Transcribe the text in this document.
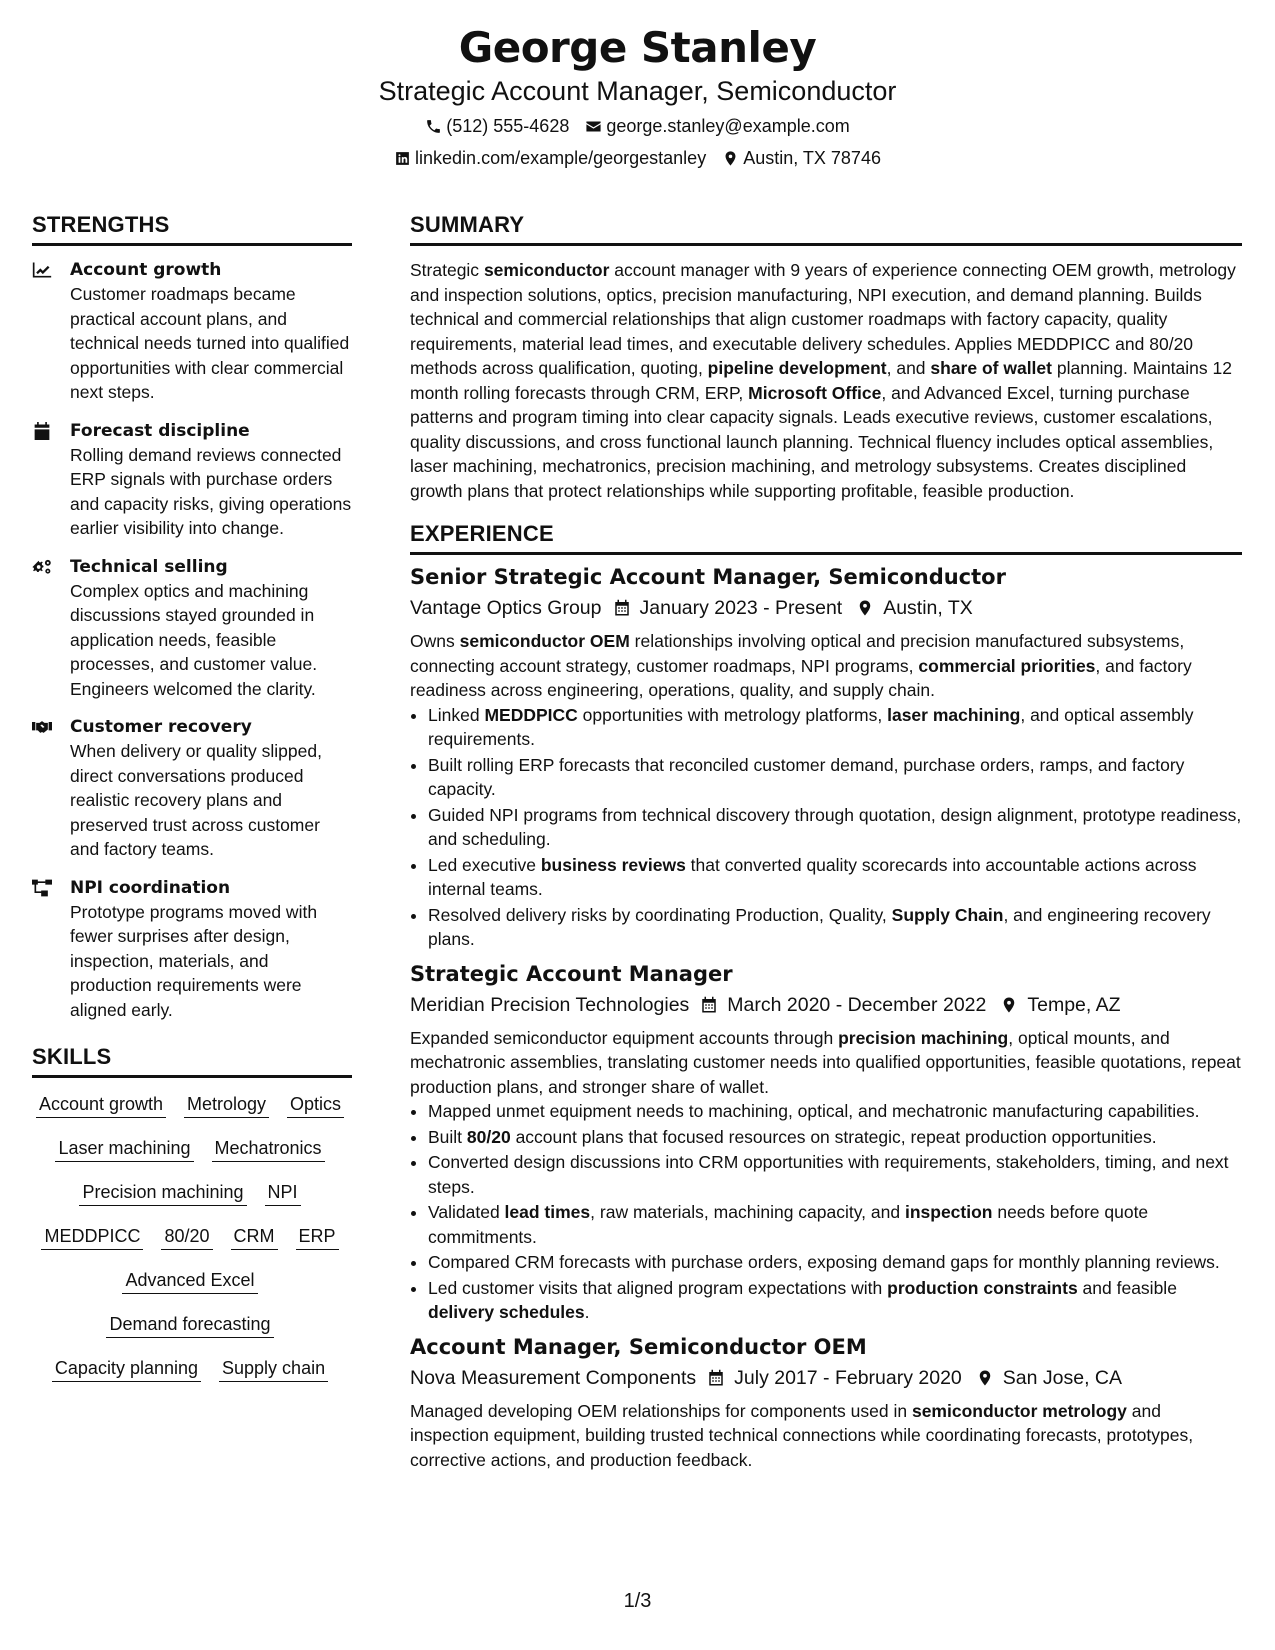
George Stanley
Strategic Account Manager, Semiconductor
(512) 555-4628 george.stanley@example.com
linkedin.com/example/georgestanley Austin, TX 78746
STRENGTHS
Account growth
Customer roadmaps became practical account plans, and technical needs turned into qualified opportunities with clear commercial next steps.
Forecast discipline
Rolling demand reviews connected ERP signals with purchase orders and capacity risks, giving operations earlier visibility into change.
Technical selling
Complex optics and machining discussions stayed grounded in application needs, feasible processes, and customer value. Engineers welcomed the clarity.
Customer recovery
When delivery or quality slipped, direct conversations produced realistic recovery plans and preserved trust across customer and factory teams.
NPI coordination
Prototype programs moved with fewer surprises after design, inspection, materials, and production requirements were aligned early.
SKILLS
Account growth Metrology Optics
Laser machining Mechatronics
Precision machining NPI
MEDDPICC 80/20 CRM ERP
Advanced Excel
Demand forecasting
Capacity planning Supply chain
SUMMARY

Strategic semiconductor account manager with 9 years of experience connecting OEM growth, metrology and inspection solutions, optics, precision manufacturing, NPI execution, and demand planning. Builds technical and commercial relationships that align customer roadmaps with factory capacity, quality requirements, material lead times, and executable delivery schedules. Applies MEDDPICC and 80/20 methods across qualification, quoting, pipeline development, and share of wallet planning. Maintains 12 month rolling forecasts through CRM, ERP, Microsoft Office, and Advanced Excel, turning purchase patterns and program timing into clear capacity signals. Leads executive reviews, customer escalations, quality discussions, and cross functional launch planning. Technical fluency includes optical assemblies, laser machining, mechatronics, precision machining, and metrology subsystems. Creates disciplined growth plans that protect relationships while supporting profitable, feasible production.

EXPERIENCE
Senior Strategic Account Manager, Semiconductor
Vantage Optics Group January 2023 - Present Austin, TX

Owns semiconductor OEM relationships involving optical and precision manufactured subsystems, connecting account strategy, customer roadmaps, NPI programs, commercial priorities, and factory readiness across engineering, operations, quality, and supply chain.

• Linked MEDDPICC opportunities with metrology platforms, laser machining, and optical assembly requirements.
• Built rolling ERP forecasts that reconciled customer demand, purchase orders, ramps, and factory capacity.
• Guided NPI programs from technical discovery through quotation, design alignment, prototype readiness, and scheduling.
• Led executive business reviews that converted quality scorecards into accountable actions across internal teams.
• Resolved delivery risks by coordinating Production, Quality, Supply Chain, and engineering recovery plans.
Strategic Account Manager
Meridian Precision Technologies March 2020 - December 2022 Tempe, AZ

Expanded semiconductor equipment accounts through precision machining, optical mounts, and mechatronic assemblies, translating customer needs into qualified opportunities, feasible quotations, repeat production plans, and stronger share of wallet.

• Mapped unmet equipment needs to machining, optical, and mechatronic manufacturing capabilities.
• Built 80/20 account plans that focused resources on strategic, repeat production opportunities.
• Converted design discussions into CRM opportunities with requirements, stakeholders, timing, and next steps.
• Validated lead times, raw materials, machining capacity, and inspection needs before quote commitments.
• Compared CRM forecasts with purchase orders, exposing demand gaps for monthly planning reviews.
• Led customer visits that aligned program expectations with production constraints and feasible delivery schedules.
Account Manager, Semiconductor OEM
Nova Measurement Components July 2017 - February 2020 San Jose, CA

Managed developing OEM relationships for components used in semiconductor metrology and inspection equipment, building trusted technical connections while coordinating forecasts, prototypes, corrective actions, and production feedback.

1/3
